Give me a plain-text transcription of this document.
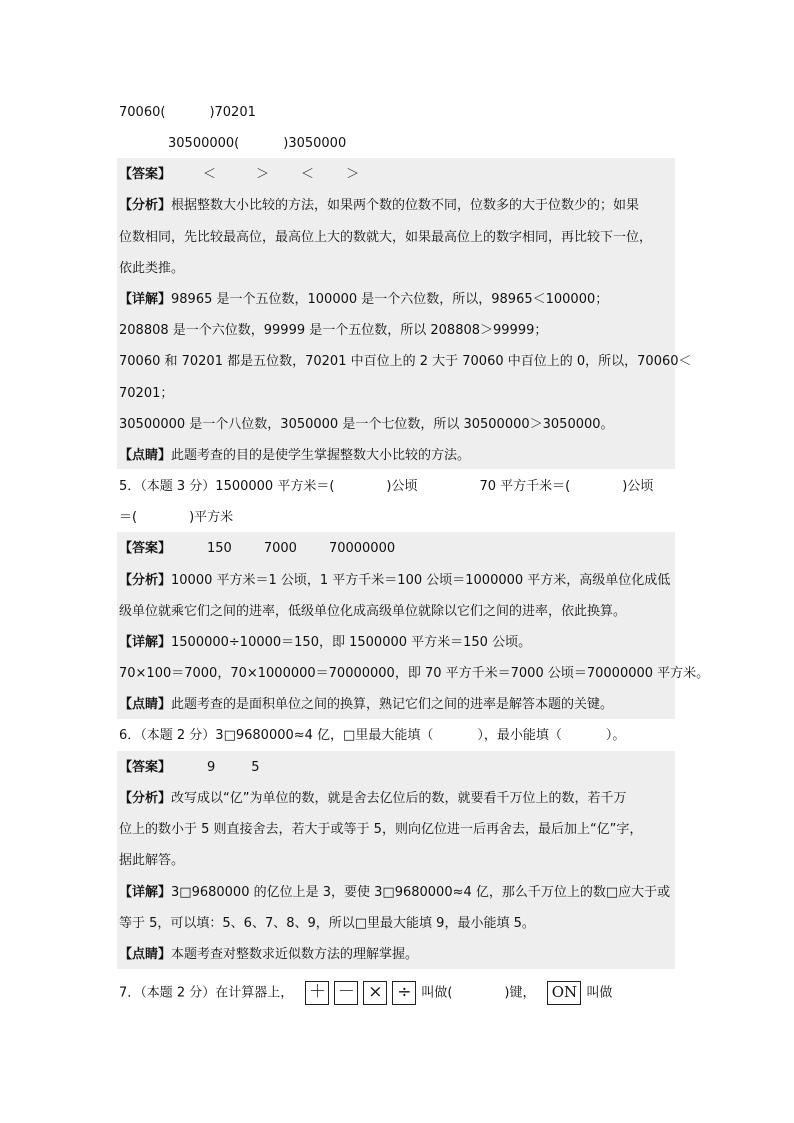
70060(	)70201
30500000(	)3050000
【答案】 ＜	＞ ＜ ＞
【分析】根据整数大小比较的方法，如果两个数的位数不同，位数多的大于位数少的；如果
位数相同，先比较最高位，最高位上大的数就大，如果最高位上的数字相同，再比较下一位，
依此类推。
【详解】98965 是一个五位数，100000 是一个六位数，所以，98965＜100000；
208808 是一个六位数，99999 是一个五位数，所以 208808＞99999；
70060 和 70201 都是五位数，70201 中百位上的 2 大于 70060 中百位上的 0，所以，70060＜
70201；
30500000 是一个八位数，3050000 是一个七位数，所以 30500000＞3050000。
【点睛】此题考查的目的是使学生掌握整数大小比较的方法。
5．（本题 3 分）1500000 平方米＝(	)公顷	70 平方千米＝(	)公顷
＝(	)平方米
【答案】	150 7000 70000000
【分析】10000 平方米＝1 公顷，1 平方千米＝100 公顷＝1000000 平方米，高级单位化成低
级单位就乘它们之间的进率，低级单位化成高级单位就除以它们之间的进率，依此换算。
【详解】1500000÷10000＝150，即 1500000 平方米＝150 公顷。
70×100＝7000，70×1000000＝70000000，即 70 平方千米＝7000 公顷＝70000000 平方米。
【点睛】此题考查的是面积单位之间的换算，熟记它们之间的进率是解答本题的关键。
6．（本题 2 分）3□9680000≈4 亿，□里最大能填（	），最小能填（	）。
【答案】	9	5
【分析】改写成以“亿”为单位的数，就是舍去亿位后的数，就要看千万位上的数，若千万
位上的数小于 5 则直接舍去，若大于或等于 5，则向亿位进一后再舍去，最后加上“亿”字，
据此解答。
【详解】3□9680000 的亿位上是 3，要使 3□9680000≈4 亿，那么千万位上的数□应大于或
等于 5，可以填：5、6、7、8、9，所以□里最大能填 9，最小能填 5。
【点睛】本题考查对整数求近似数方法的理解掌握。
7．（本题 2 分）在计算器上， ＋ － × ÷ 叫做(	)键， ON 叫做
